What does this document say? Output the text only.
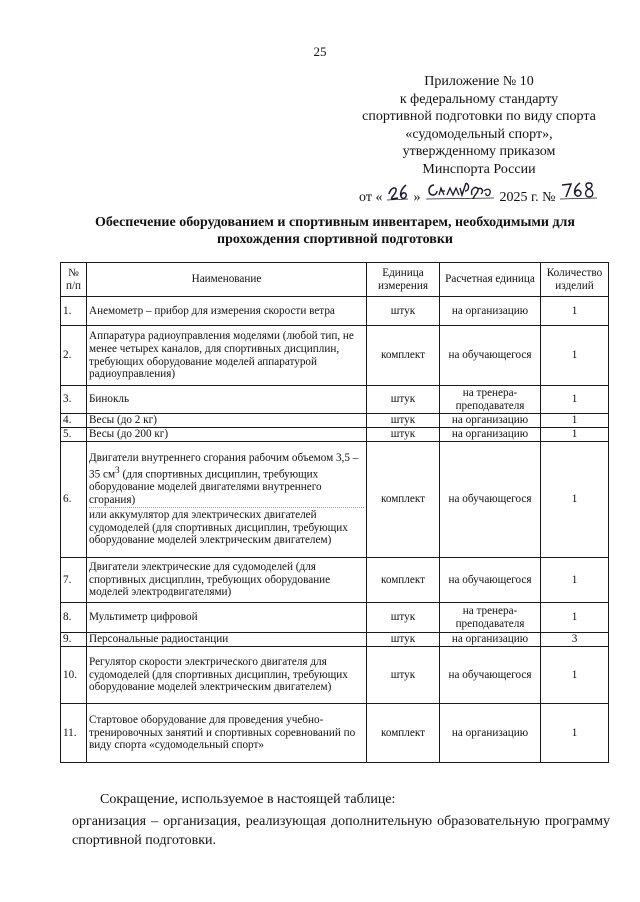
25
Приложение № 10
к федеральному стандарту
спортивной подготовки по виду спорта
«судомодельный спорт»,
утвержденному приказом
Минспорта России
от « »	2025 г. №
Обеспечение оборудованием и спортивным инвентарем, необходимыми для прохождения спортивной подготовки
№ п/п	Наименование	Единица измерения	Расчетная единица	Количество изделий
1.	Анемометр – прибор для измерения скорости ветра	штук	на организацию	1
2.	Аппаратура радиоуправления моделями (любой тип, не менее четырех каналов, для спортивных дисциплин, требующих оборудование моделей аппаратурой радиоуправления)	комплект	на обучающегося	1
3.	Бинокль	штук	на тренера-преподавателя	1
4.	Весы (до 2 кг)	штук	на организацию	1
5.	Весы (до 200 кг)	штук	на организацию	1
6.	Двигатели внутреннего сгорания рабочим объемом 3,5 – 35 $см^3$ (для спортивных дисциплин, требующих оборудование моделей двигателями внутреннего сгорания)
или аккумулятор для электрических двигателей судомоделей (для спортивных дисциплин, требующих оборудование моделей электрическим двигателем)	комплект	на обучающегося	1
7.	Двигатели электрические для судомоделей (для спортивных дисциплин, требующих оборудование моделей электродвигателями)	комплект	на обучающегося	1
8.	Мультиметр цифровой	штук	на тренера-преподавателя	1
9.	Персональные радиостанции	штук	на организацию	3
10.	Регулятор скорости электрического двигателя для судомоделей (для спортивных дисциплин, требующих оборудование моделей электрическим двигателем)	штук	на обучающегося	1
11.	Стартовое оборудование для проведения учебно-тренировочных занятий и спортивных соревнований по виду спорта «судомодельный спорт»	комплект	на организацию	1

Сокращение, используемое в настоящей таблице:

организация – организация, реализующая дополнительную образовательную программу спортивной подготовки.
